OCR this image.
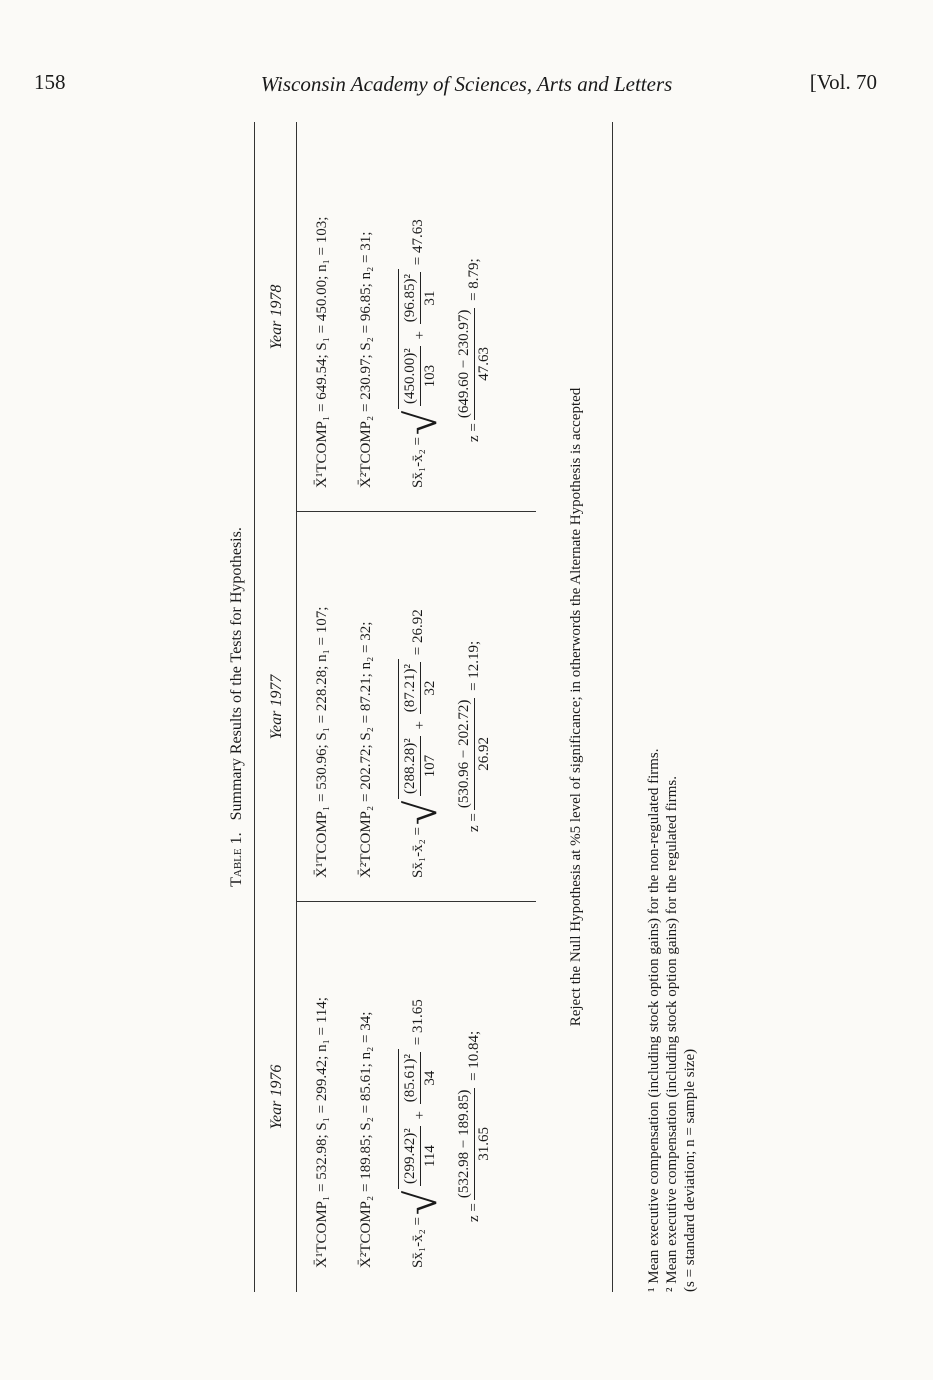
158	Wisconsin Academy of Sciences, Arts and Letters	[Vol. 70
Table 1.   Summary Results of the Tests for Hypothesis.
Year 1976 X̄¹TCOMP₁ = 532.98; S₁ = 299.42; n₁ = 114; X̄²TCOMP₂ = 189.85; S₂ = 85.61; n₂ = 34;	Sx̄₁-x̄₂ =
√
(299.42)² 114
+
(85.61)² 34
= 31.65
z =
(532.98 − 189.85) 31.65
= 10.84;
Year 1977 X̄¹TCOMP₁ = 530.96; S₁ = 228.28; n₁ = 107; X̄²TCOMP₂ = 202.72; S₂ = 87.21; n₂ = 32;	Sx̄₁-x̄₂ =
√
(288.28)² 107
+
(87.21)² 32
= 26.92
z =
(530.96 − 202.72) 26.92
= 12.19;
Year 1978 X̄¹TCOMP₁ = 649.54; S₁ = 450.00; n₁ = 103; X̄²TCOMP₂ = 230.97; S₂ = 96.85; n₂ = 31;	Sx̄₁-x̄₂ =
√
(450.00)² 103
+
(96.85)² 31
= 47.63
z =
(649.60 − 230.97) 47.63
= 8.79;
Reject the Null Hypothesis at %5 level of significance; in otherwords the Alternate Hypothesis is accepted	¹ Mean executive compensation (including stock option gains) for the non-regulated firms. ² Mean executive compensation (including stock option gains) for the regulated firms. (s = standard deviation; n = sample size)
